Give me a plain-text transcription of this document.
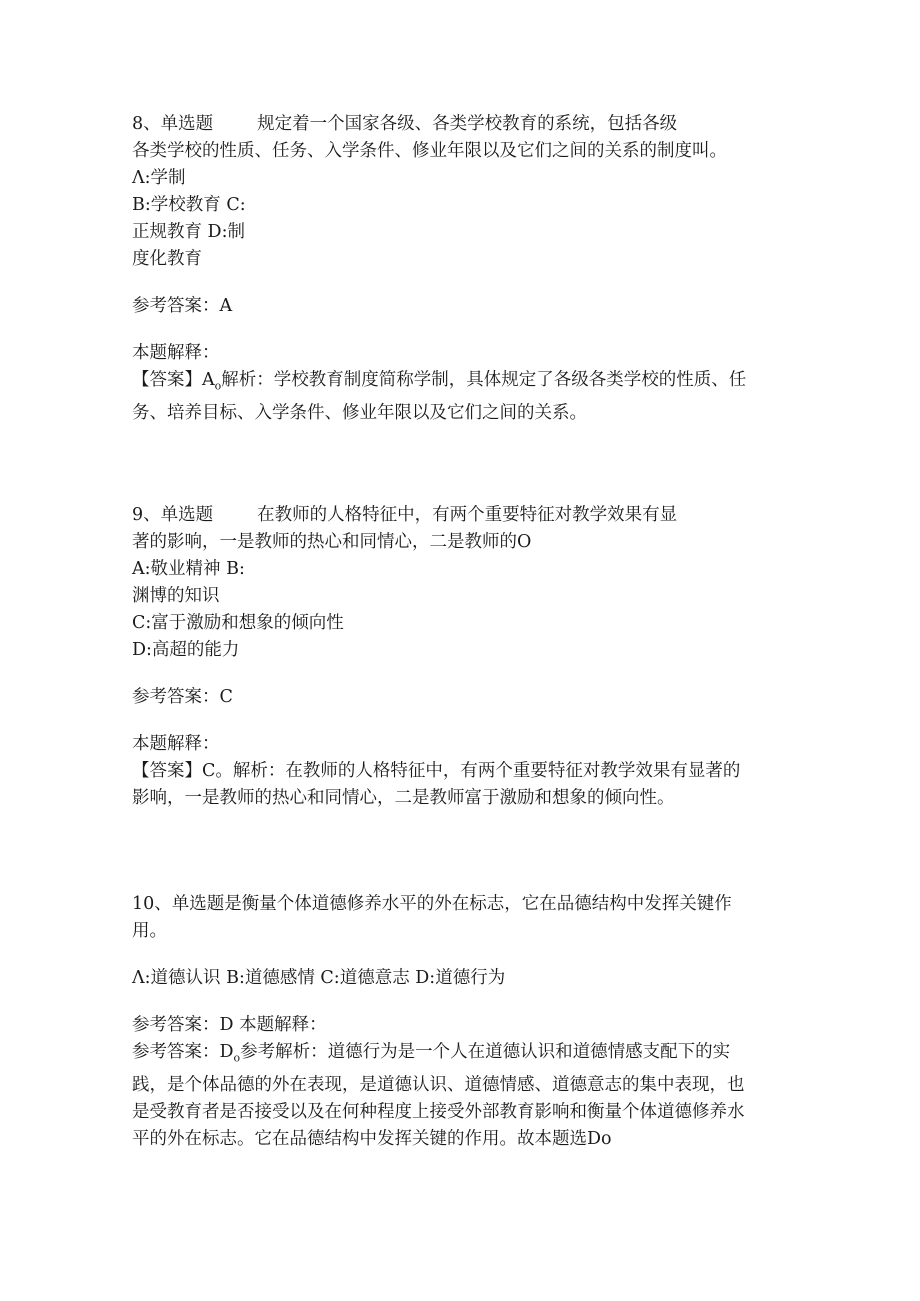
8、单选题	规定着一个国家各级、各类学校教育的系统，包括各级
各类学校的性质、任务、入学条件、修业年限以及它们之间的关系的制度叫。
Λ:学制
B:学校教育 C:
正规教育 D:制
度化教育
参考答案：A
本题解释：
【答案】$A_o$解析：学校教育制度简称学制，具体规定了各级各类学校的性质、任
务、培养目标、入学条件、修业年限以及它们之间的关系。
9、单选题	在教师的人格特征中，有两个重要特征对教学效果有显
著的影响，一是教师的热心和同情心，二是教师的O
A:敬业精神 B:
渊博的知识
C:富于激励和想象的倾向性
D:高超的能力
参考答案：C
本题解释：
【答案】C。解析：在教师的人格特征中，有两个重要特征对教学效果有显著的
影响，一是教师的热心和同情心，二是教师富于激励和想象的倾向性。
10、单选题是衡量个体道德修养水平的外在标志，它在品德结构中发挥关键作
用。
Λ:道德认识 B:道德感情 C:道德意志 D:道德行为
参考答案：D 本题解释：
参考答案：$D_o$参考解析：道德行为是一个人在道德认识和道德情感支配下的实
践，是个体品德的外在表现，是道德认识、道德情感、道德意志的集中表现，也
是受教育者是否接受以及在何种程度上接受外部教育影响和衡量个体道德修养水
平的外在标志。它在品德结构中发挥关键的作用。故本题选Do
